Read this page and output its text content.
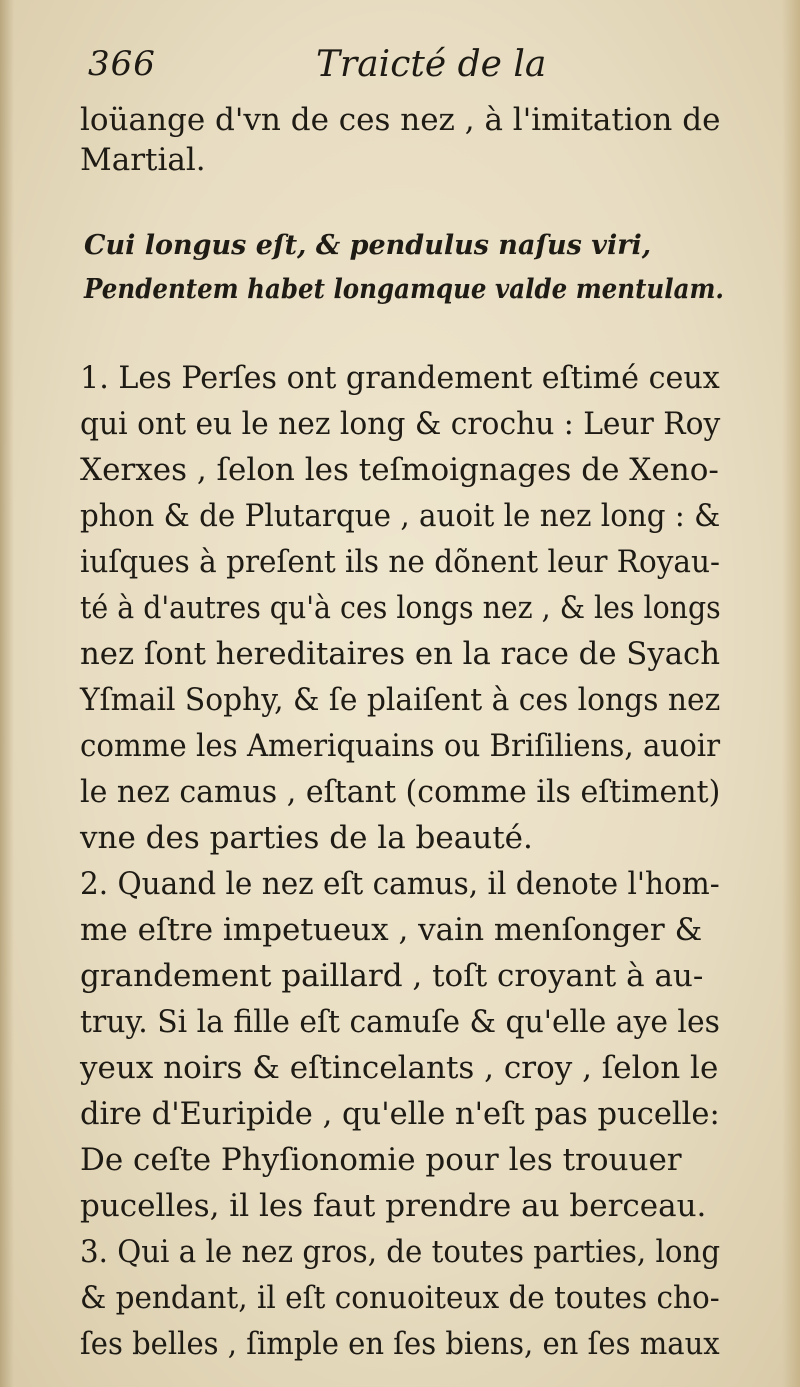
366	Traicté de la
loüange d'vn de ces nez , à l'imitation de
Martial.
Cui longus eſt, & pendulus naſus viri,
Pendentem habet longamque valde mentulam.
1. Les Perſes ont grandement eſtimé ceux
qui ont eu le nez long & crochu : Leur Roy
Xerxes , ſelon les teſmoignages de Xeno-
phon & de Plutarque , auoit le nez long : &
iuſques à preſent ils ne dõnent leur Royau-
té à d'autres qu'à ces longs nez , & les longs
nez ſont hereditaires en la race de Syach
Yſmail Sophy, & ſe plaiſent à ces longs nez
comme les Ameriquains ou Briſiliens, auoir
le nez camus , eſtant (comme ils eſtiment)
vne des parties de la beauté.
2. Quand le nez eſt camus, il denote l'hom-
me eſtre impetueux , vain menſonger &
grandement paillard , toſt croyant à au-
truy. Si la fille eſt camuſe & qu'elle aye les
yeux noirs & eſtincelants , croy , ſelon le
dire d'Euripide , qu'elle n'eſt pas pucelle:
De ceſte Phyſionomie pour les trouuer
pucelles, il les faut prendre au berceau.
3. Qui a le nez gros, de toutes parties, long
& pendant, il eſt conuoiteux de toutes cho-
ſes belles , ſimple en ſes biens, en ſes maux
